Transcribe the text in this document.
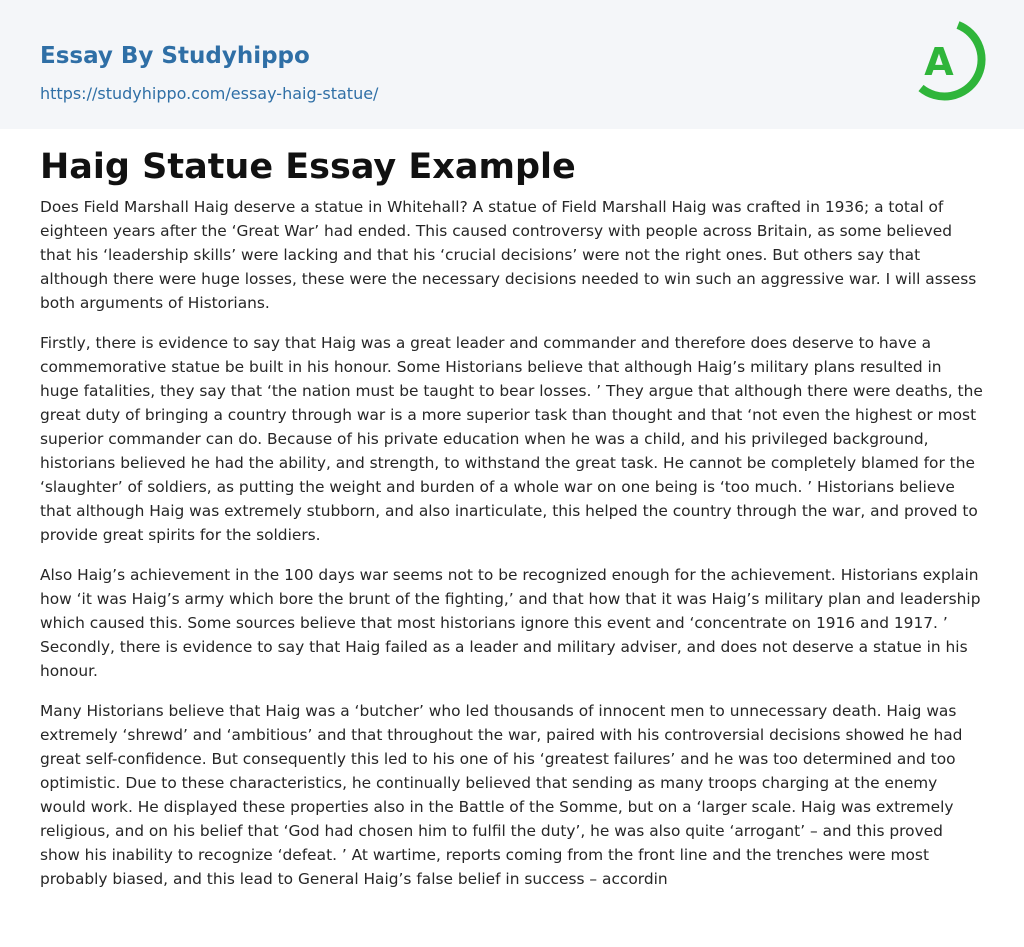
Essay By Studyhippo
https://studyhippo.com/essay-haig-statue/
A
Haig Statue Essay Example

Does Field Marshall Haig deserve a statue in Whitehall? A statue of Field Marshall Haig was crafted in 1936; a total of eighteen years after the ‘Great War’ had ended. This caused controversy with people across Britain, as some believed that his ‘leadership skills’ were lacking and that his ‘crucial decisions’ were not the right ones. But others say that although there were huge losses, these were the necessary decisions needed to win such an aggressive war. I will assess both arguments of Historians.

Firstly, there is evidence to say that Haig was a great leader and commander and therefore does deserve to have a commemorative statue be built in his honour. Some Historians believe that although Haig’s military plans resulted in huge fatalities, they say that ‘the nation must be taught to bear losses. ’ They argue that although there were deaths, the great duty of bringing a country through war is a more superior task than thought and that ‘not even the highest or most superior commander can do. Because of his private education when he was a child, and his privileged background, historians believed he had the ability, and strength, to withstand the great task. He cannot be completely blamed for the ‘slaughter’ of soldiers, as putting the weight and burden of a whole war on one being is ‘too much. ’ Historians believe that although Haig was extremely stubborn, and also inarticulate, this helped the country through the war, and proved to provide great spirits for the soldiers.

Also Haig’s achievement in the 100 days war seems not to be recognized enough for the achievement. Historians explain how ‘it was Haig’s army which bore the brunt of the fighting,’ and that how that it was Haig’s military plan and leadership which caused this. Some sources believe that most historians ignore this event and ‘concentrate on 1916 and 1917. ’ Secondly, there is evidence to say that Haig failed as a leader and military adviser, and does not deserve a statue in his honour.

Many Historians believe that Haig was a ‘butcher’ who led thousands of innocent men to unnecessary death. Haig was extremely ‘shrewd’ and ‘ambitious’ and that throughout the war, paired with his controversial decisions showed he had great self-confidence. But consequently this led to his one of his ‘greatest failures’ and he was too determined and too optimistic. Due to these characteristics, he continually believed that sending as many troops charging at the enemy would work. He displayed these properties also in the Battle of the Somme, but on a ‘larger scale. Haig was extremely religious, and on his belief that ‘God had chosen him to fulfil the duty’, he was also quite ‘arrogant’ – and this proved show his inability to recognize ‘defeat. ’ At wartime, reports coming from the front line and the trenches were most probably biased, and this lead to General Haig’s false belief in success – accordin
